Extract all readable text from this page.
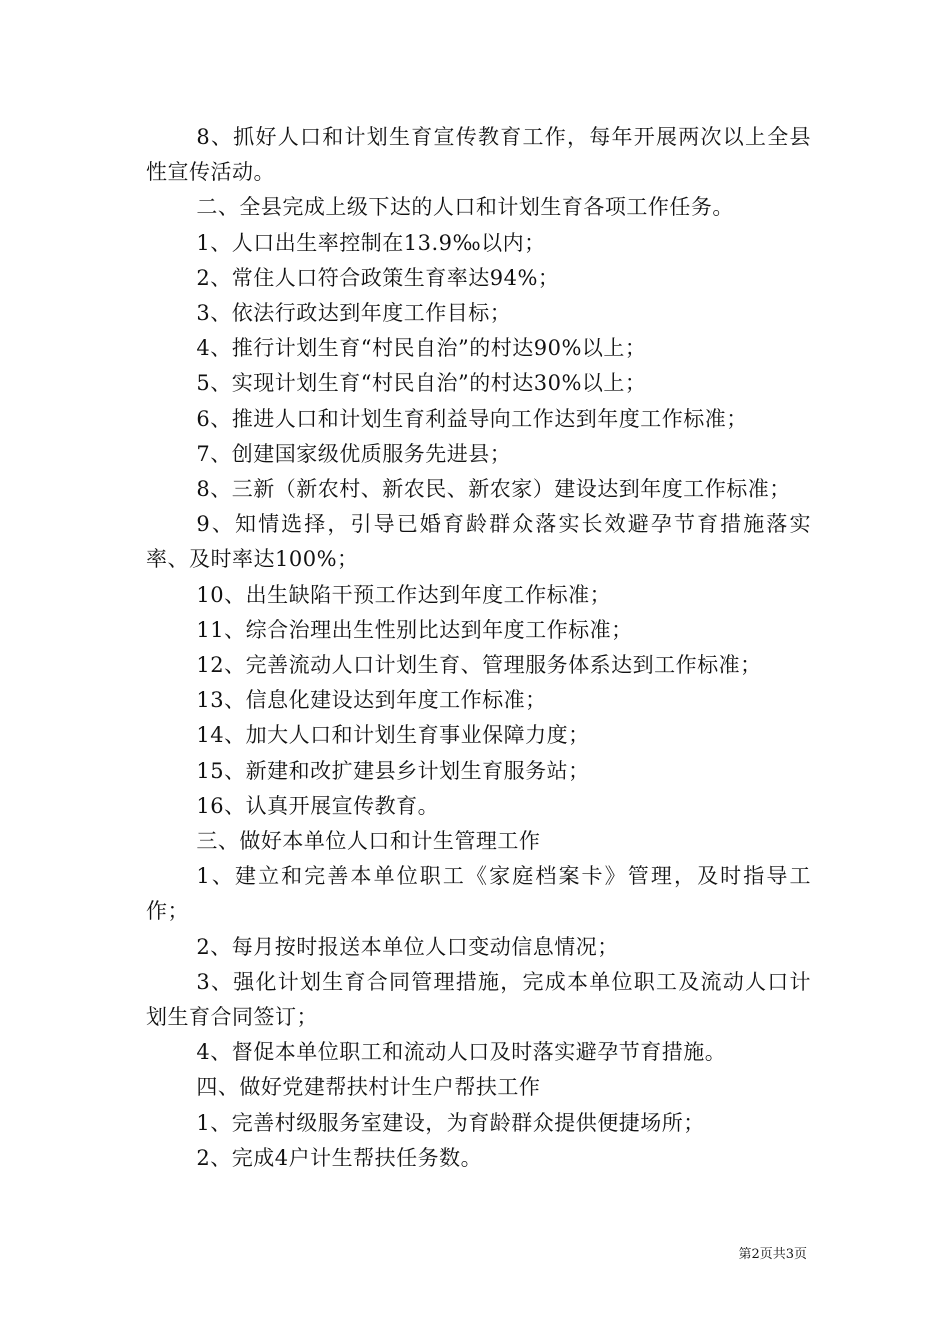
8、抓好人口和计划生育宣传教育工作，每年开展两次以上全县性宣传活动。

二、全县完成上级下达的人口和计划生育各项工作任务。

1、人口出生率控制在13.9‰以内；

2、常住人口符合政策生育率达94%；

3、依法行政达到年度工作目标；

4、推行计划生育“村民自治”的村达90%以上；

5、实现计划生育“村民自治”的村达30%以上；

6、推进人口和计划生育利益导向工作达到年度工作标准；

7、创建国家级优质服务先进县；

8、三新（新农村、新农民、新农家）建设达到年度工作标准；

9、知情选择，引导已婚育龄群众落实长效避孕节育措施落实率、及时率达100%；

10、出生缺陷干预工作达到年度工作标准；

11、综合治理出生性别比达到年度工作标准；

12、完善流动人口计划生育、管理服务体系达到工作标准；

13、信息化建设达到年度工作标准；

14、加大人口和计划生育事业保障力度；

15、新建和改扩建县乡计划生育服务站；

16、认真开展宣传教育。

三、做好本单位人口和计生管理工作

1、建立和完善本单位职工《家庭档案卡》管理，及时指导工作；

2、每月按时报送本单位人口变动信息情况；

3、强化计划生育合同管理措施，完成本单位职工及流动人口计划生育合同签订；

4、督促本单位职工和流动人口及时落实避孕节育措施。

四、做好党建帮扶村计生户帮扶工作

1、完善村级服务室建设，为育龄群众提供便捷场所；

2、完成4户计生帮扶任务数。

第2页共3页
